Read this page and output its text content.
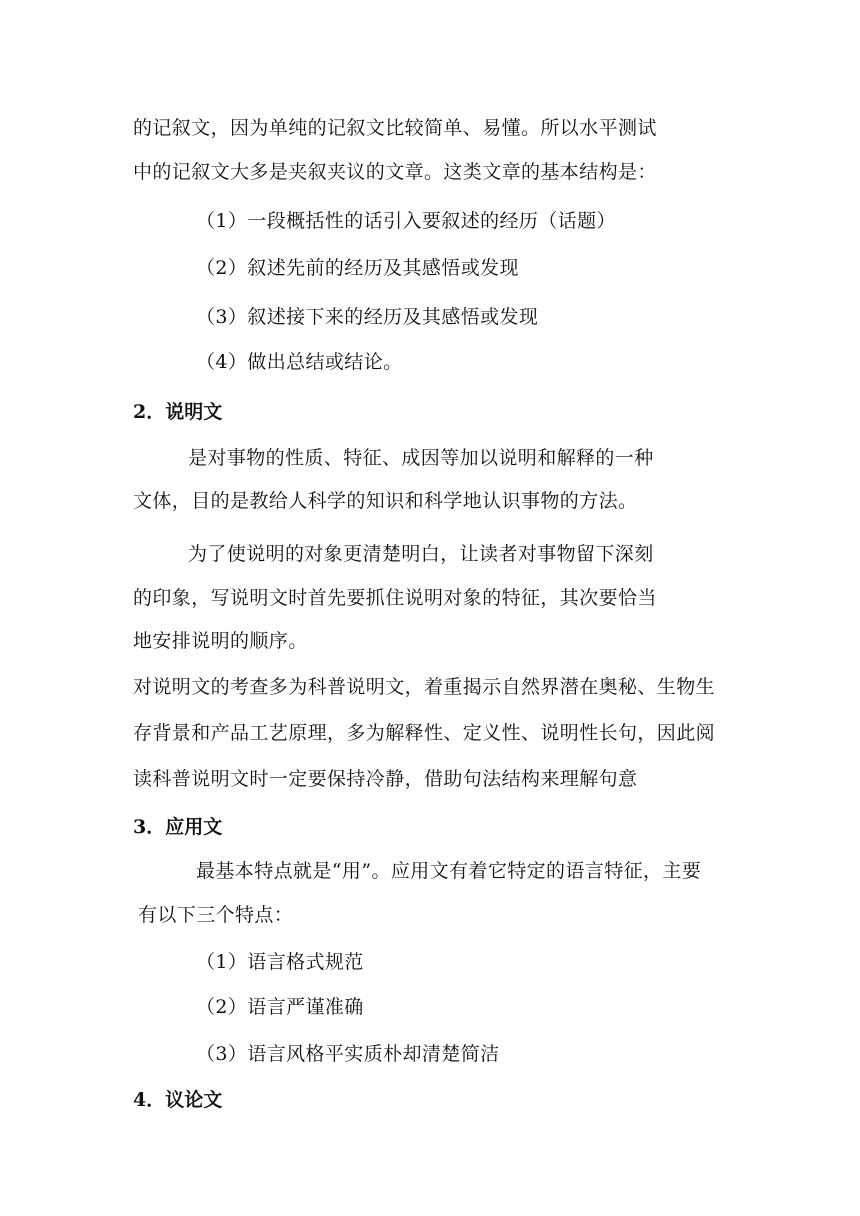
的记叙文，因为单纯的记叙文比较简单、易懂。所以水平测试
中的记叙文大多是夹叙夹议的文章。这类文章的基本结构是：
（1）一段概括性的话引入要叙述的经历（话题）
（2）叙述先前的经历及其感悟或发现
（3）叙述接下来的经历及其感悟或发现
（4）做出总结或结论。
2．说明文
是对事物的性质、特征、成因等加以说明和解释的一种
文体，目的是教给人科学的知识和科学地认识事物的方法。
为了使说明的对象更清楚明白，让读者对事物留下深刻
的印象，写说明文时首先要抓住说明对象的特征，其次要恰当
地安排说明的顺序。
对说明文的考查多为科普说明文，着重揭示自然界潜在奥秘、生物生
存背景和产品工艺原理，多为解释性、定义性、说明性长句，因此阅
读科普说明文时一定要保持冷静，借助句法结构来理解句意
3．应用文
最基本特点就是“用”。应用文有着它特定的语言特征，主要
有以下三个特点：
（1）语言格式规范
（2）语言严谨准确
（3）语言风格平实质朴却清楚简洁
4．议论文
